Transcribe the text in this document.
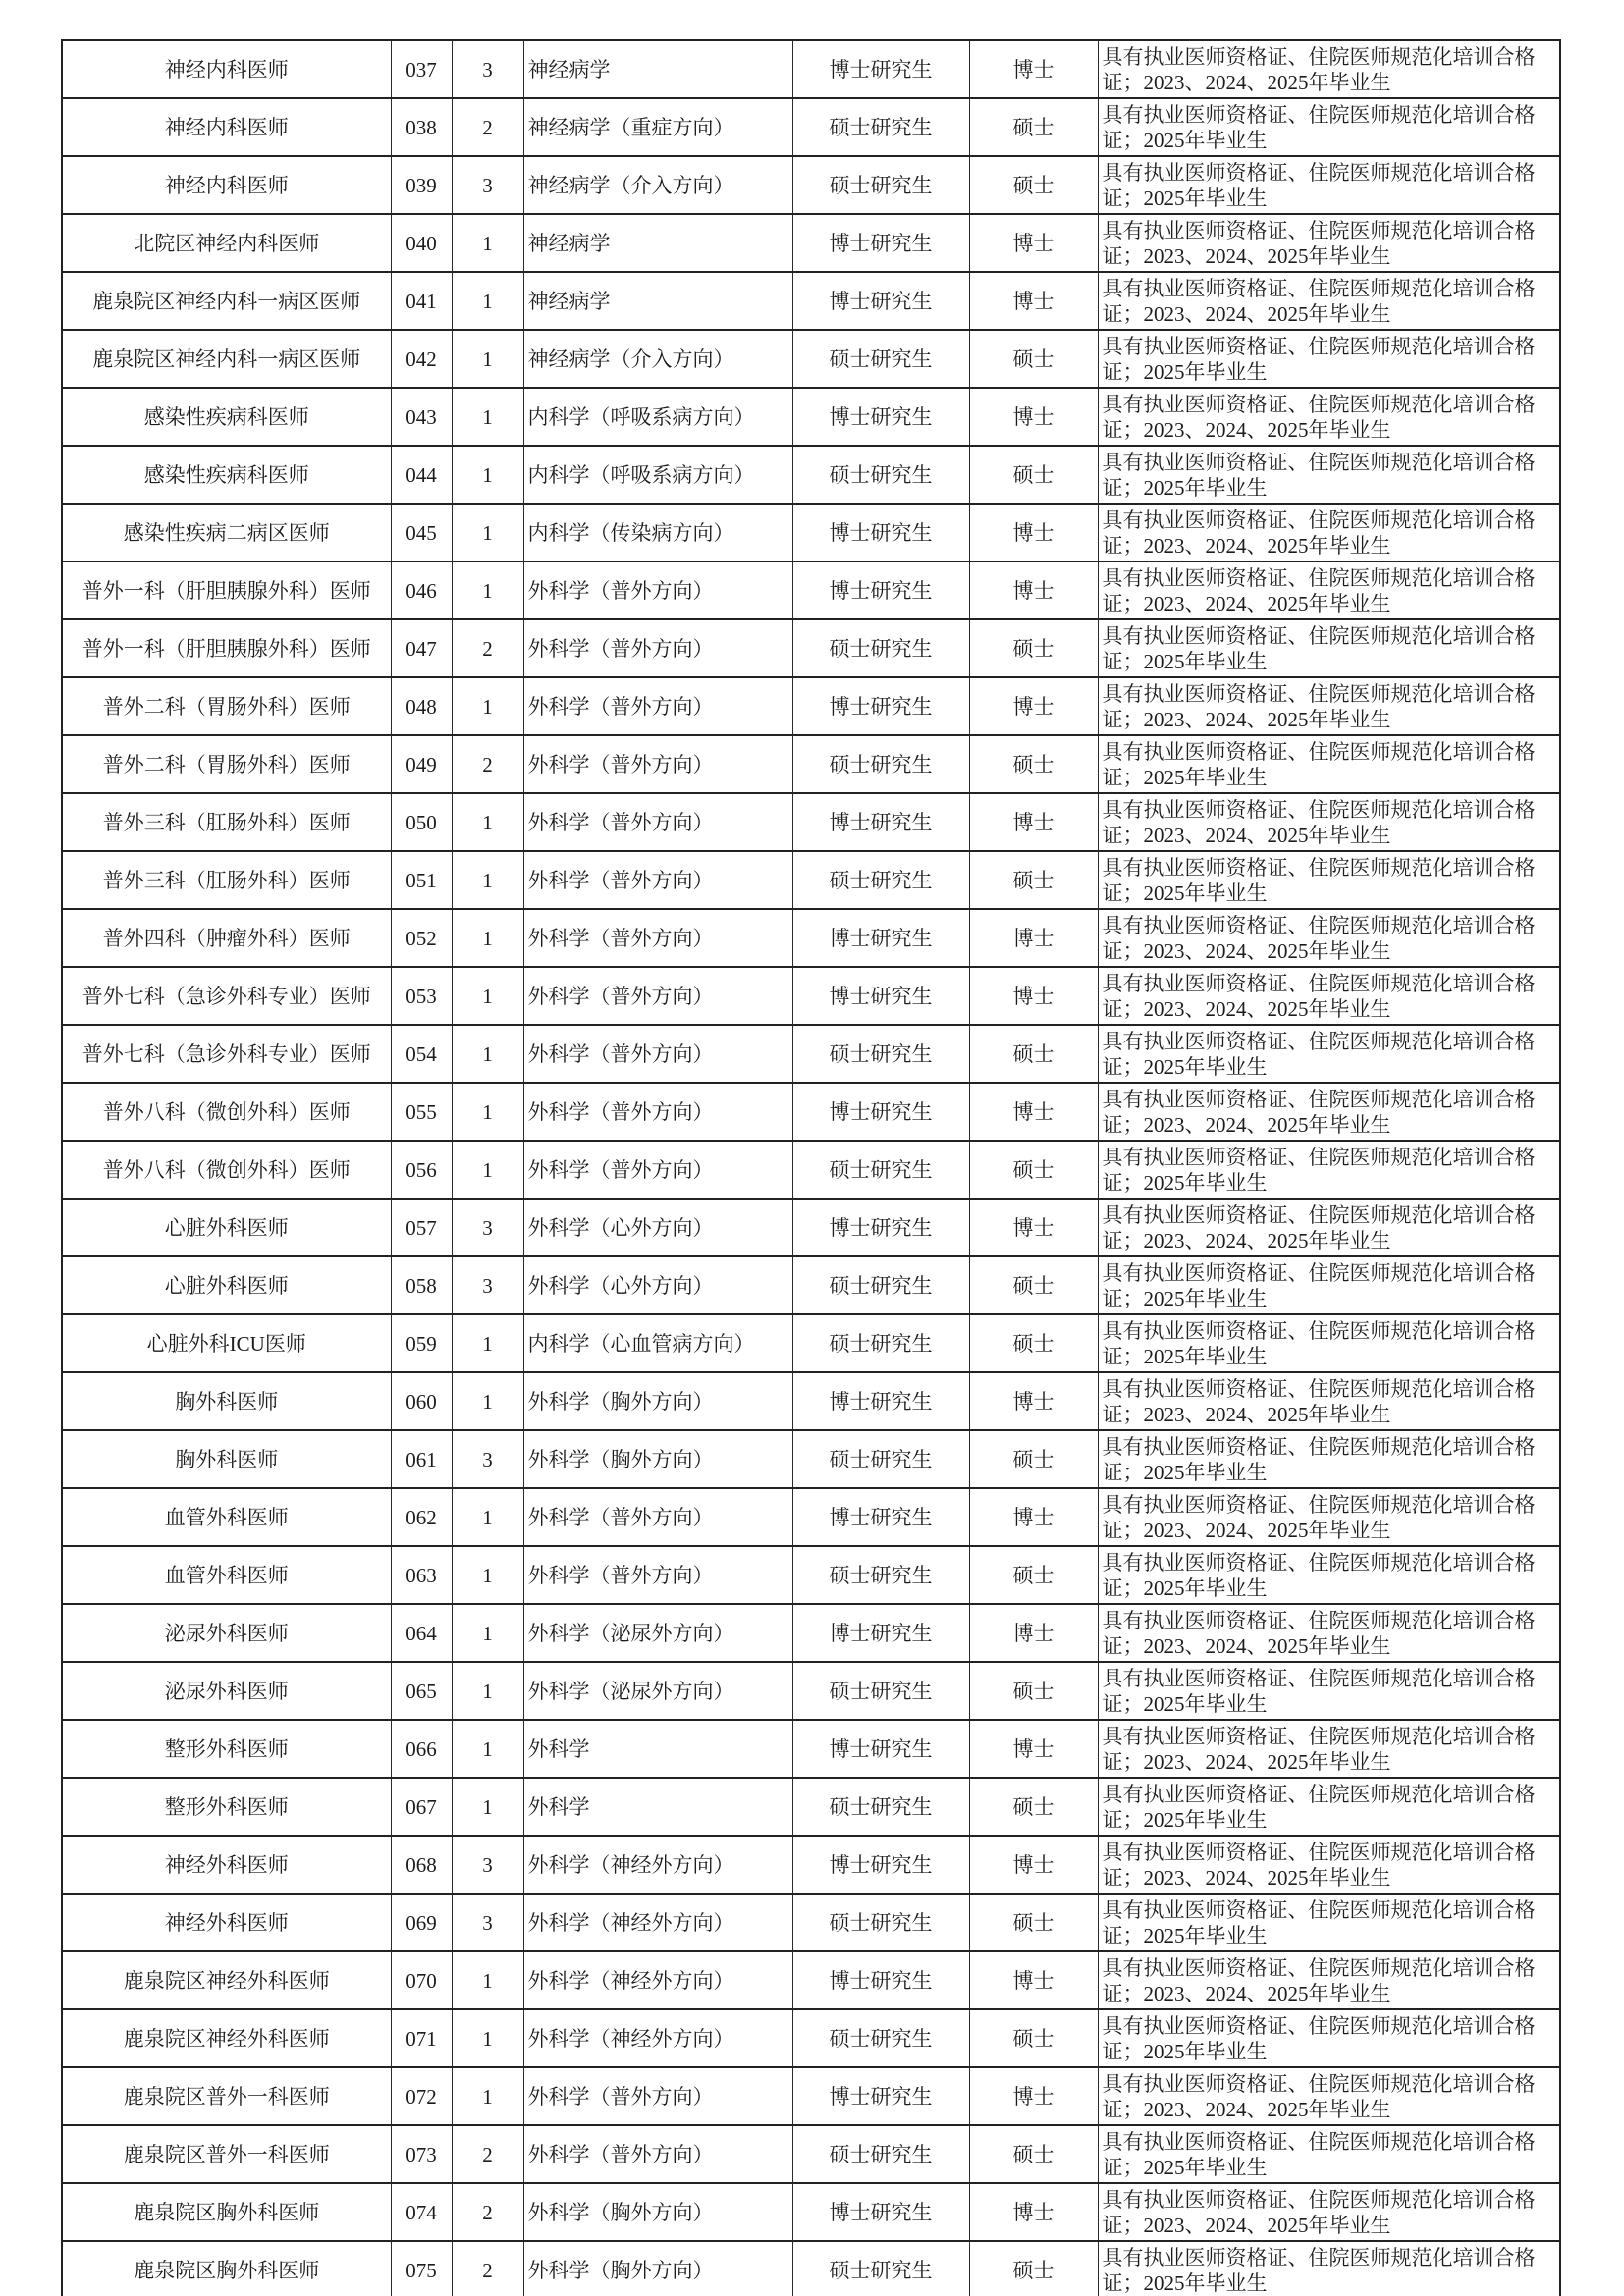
神经内科医师	037	3	神经病学	博士研究生	博士	具有执业医师资格证、住院医师规范化培训合格证；2023、2024、2025年毕业生
神经内科医师	038	2	神经病学（重症方向）	硕士研究生	硕士	具有执业医师资格证、住院医师规范化培训合格证；2025年毕业生
神经内科医师	039	3	神经病学（介入方向）	硕士研究生	硕士	具有执业医师资格证、住院医师规范化培训合格证；2025年毕业生
北院区神经内科医师	040	1	神经病学	博士研究生	博士	具有执业医师资格证、住院医师规范化培训合格证；2023、2024、2025年毕业生
鹿泉院区神经内科一病区医师	041	1	神经病学	博士研究生	博士	具有执业医师资格证、住院医师规范化培训合格证；2023、2024、2025年毕业生
鹿泉院区神经内科一病区医师	042	1	神经病学（介入方向）	硕士研究生	硕士	具有执业医师资格证、住院医师规范化培训合格证；2025年毕业生
感染性疾病科医师	043	1	内科学（呼吸系病方向）	博士研究生	博士	具有执业医师资格证、住院医师规范化培训合格证；2023、2024、2025年毕业生
感染性疾病科医师	044	1	内科学（呼吸系病方向）	硕士研究生	硕士	具有执业医师资格证、住院医师规范化培训合格证；2025年毕业生
感染性疾病二病区医师	045	1	内科学（传染病方向）	博士研究生	博士	具有执业医师资格证、住院医师规范化培训合格证；2023、2024、2025年毕业生
普外一科（肝胆胰腺外科）医师	046	1	外科学（普外方向）	博士研究生	博士	具有执业医师资格证、住院医师规范化培训合格证；2023、2024、2025年毕业生
普外一科（肝胆胰腺外科）医师	047	2	外科学（普外方向）	硕士研究生	硕士	具有执业医师资格证、住院医师规范化培训合格证；2025年毕业生
普外二科（胃肠外科）医师	048	1	外科学（普外方向）	博士研究生	博士	具有执业医师资格证、住院医师规范化培训合格证；2023、2024、2025年毕业生
普外二科（胃肠外科）医师	049	2	外科学（普外方向）	硕士研究生	硕士	具有执业医师资格证、住院医师规范化培训合格证；2025年毕业生
普外三科（肛肠外科）医师	050	1	外科学（普外方向）	博士研究生	博士	具有执业医师资格证、住院医师规范化培训合格证；2023、2024、2025年毕业生
普外三科（肛肠外科）医师	051	1	外科学（普外方向）	硕士研究生	硕士	具有执业医师资格证、住院医师规范化培训合格证；2025年毕业生
普外四科（肿瘤外科）医师	052	1	外科学（普外方向）	博士研究生	博士	具有执业医师资格证、住院医师规范化培训合格证；2023、2024、2025年毕业生
普外七科（急诊外科专业）医师	053	1	外科学（普外方向）	博士研究生	博士	具有执业医师资格证、住院医师规范化培训合格证；2023、2024、2025年毕业生
普外七科（急诊外科专业）医师	054	1	外科学（普外方向）	硕士研究生	硕士	具有执业医师资格证、住院医师规范化培训合格证；2025年毕业生
普外八科（微创外科）医师	055	1	外科学（普外方向）	博士研究生	博士	具有执业医师资格证、住院医师规范化培训合格证；2023、2024、2025年毕业生
普外八科（微创外科）医师	056	1	外科学（普外方向）	硕士研究生	硕士	具有执业医师资格证、住院医师规范化培训合格证；2025年毕业生
心脏外科医师	057	3	外科学（心外方向）	博士研究生	博士	具有执业医师资格证、住院医师规范化培训合格证；2023、2024、2025年毕业生
心脏外科医师	058	3	外科学（心外方向）	硕士研究生	硕士	具有执业医师资格证、住院医师规范化培训合格证；2025年毕业生
心脏外科ICU医师	059	1	内科学（心血管病方向）	硕士研究生	硕士	具有执业医师资格证、住院医师规范化培训合格证；2025年毕业生
胸外科医师	060	1	外科学（胸外方向）	博士研究生	博士	具有执业医师资格证、住院医师规范化培训合格证；2023、2024、2025年毕业生
胸外科医师	061	3	外科学（胸外方向）	硕士研究生	硕士	具有执业医师资格证、住院医师规范化培训合格证；2025年毕业生
血管外科医师	062	1	外科学（普外方向）	博士研究生	博士	具有执业医师资格证、住院医师规范化培训合格证；2023、2024、2025年毕业生
血管外科医师	063	1	外科学（普外方向）	硕士研究生	硕士	具有执业医师资格证、住院医师规范化培训合格证；2025年毕业生
泌尿外科医师	064	1	外科学（泌尿外方向）	博士研究生	博士	具有执业医师资格证、住院医师规范化培训合格证；2023、2024、2025年毕业生
泌尿外科医师	065	1	外科学（泌尿外方向）	硕士研究生	硕士	具有执业医师资格证、住院医师规范化培训合格证；2025年毕业生
整形外科医师	066	1	外科学	博士研究生	博士	具有执业医师资格证、住院医师规范化培训合格证；2023、2024、2025年毕业生
整形外科医师	067	1	外科学	硕士研究生	硕士	具有执业医师资格证、住院医师规范化培训合格证；2025年毕业生
神经外科医师	068	3	外科学（神经外方向）	博士研究生	博士	具有执业医师资格证、住院医师规范化培训合格证；2023、2024、2025年毕业生
神经外科医师	069	3	外科学（神经外方向）	硕士研究生	硕士	具有执业医师资格证、住院医师规范化培训合格证；2025年毕业生
鹿泉院区神经外科医师	070	1	外科学（神经外方向）	博士研究生	博士	具有执业医师资格证、住院医师规范化培训合格证；2023、2024、2025年毕业生
鹿泉院区神经外科医师	071	1	外科学（神经外方向）	硕士研究生	硕士	具有执业医师资格证、住院医师规范化培训合格证；2025年毕业生
鹿泉院区普外一科医师	072	1	外科学（普外方向）	博士研究生	博士	具有执业医师资格证、住院医师规范化培训合格证；2023、2024、2025年毕业生
鹿泉院区普外一科医师	073	2	外科学（普外方向）	硕士研究生	硕士	具有执业医师资格证、住院医师规范化培训合格证；2025年毕业生
鹿泉院区胸外科医师	074	2	外科学（胸外方向）	博士研究生	博士	具有执业医师资格证、住院医师规范化培训合格证；2023、2024、2025年毕业生
鹿泉院区胸外科医师	075	2	外科学（胸外方向）	硕士研究生	硕士	具有执业医师资格证、住院医师规范化培训合格证；2025年毕业生
